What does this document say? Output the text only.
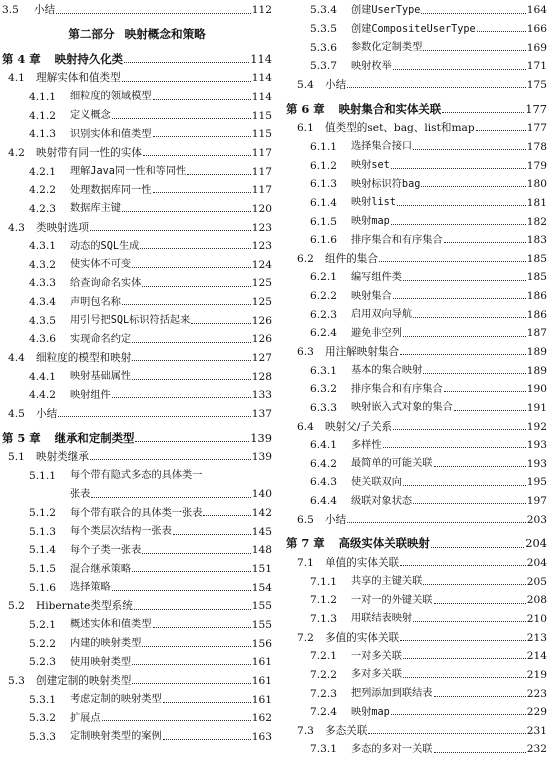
3.5	小结	112
第二部分 映射概念和策略
第 4 章 映射持久化类	114
4.1	理解实体和值类型	114
4.1.1	细粒度的领域模型	114
4.1.2	定义概念	115
4.1.3	识别实体和值类型	115
4.2	映射带有同一性的实体	117
4.2.1	理解Java同一性和等同性	117
4.2.2	处理数据库同一性	117
4.2.3	数据库主键	120
4.3	类映射选项	123
4.3.1	动态的SQL生成	123
4.3.2	使实体不可变	124
4.3.3	给查询命名实体	125
4.3.4	声明包名称	125
4.3.5	用引号把SQL标识符括起来	126
4.3.6	实现命名约定	126
4.4	细粒度的模型和映射	127
4.4.1	映射基础属性	128
4.4.2	映射组件	133
4.5	小结	137
第 5 章 继承和定制类型	139
5.1	映射类继承	139
5.1.1	每个带有隐式多态的具体类一
张表	140
5.1.2	每个带有联合的具体类一张表	142
5.1.3	每个类层次结构一张表	145
5.1.4	每个子类一张表	148
5.1.5	混合继承策略	151
5.1.6	选择策略	154
5.2	Hibernate类型系统	155
5.2.1	概述实体和值类型	155
5.2.2	内建的映射类型	156
5.2.3	使用映射类型	161
5.3	创建定制的映射类型	161
5.3.1	考虑定制的映射类型	161
5.3.2	扩展点	162
5.3.3	定制映射类型的案例	163
5.3.4	创建UserType	164
5.3.5	创建CompositeUserType	166
5.3.6	参数化定制类型	169
5.3.7	映射枚举	171
5.4	小结	175
第 6 章 映射集合和实体关联	177
6.1	值类型的set、bag、list和map	177
6.1.1	选择集合接口	178
6.1.2	映射set	179
6.1.3	映射标识符bag	180
6.1.4	映射list	181
6.1.5	映射map	182
6.1.6	排序集合和有序集合	183
6.2	组件的集合	185
6.2.1	编写组件类	185
6.2.2	映射集合	186
6.2.3	启用双向导航	186
6.2.4	避免非空列	187
6.3	用注解映射集合	189
6.3.1	基本的集合映射	189
6.3.2	排序集合和有序集合	190
6.3.3	映射嵌入式对象的集合	191
6.4	映射父/子关系	192
6.4.1	多样性	193
6.4.2	最简单的可能关联	193
6.4.3	使关联双向	195
6.4.4	级联对象状态	197
6.5	小结	203
第 7 章 高级实体关联映射	204
7.1	单值的实体关联	204
7.1.1	共享的主键关联	205
7.1.2	一对一的外键关联	208
7.1.3	用联结表映射	210
7.2	多值的实体关联	213
7.2.1	一对多关联	214
7.2.2	多对多关联	219
7.2.3	把列添加到联结表	223
7.2.4	映射map	229
7.3	多态关联	231
7.3.1	多态的多对一关联	232
